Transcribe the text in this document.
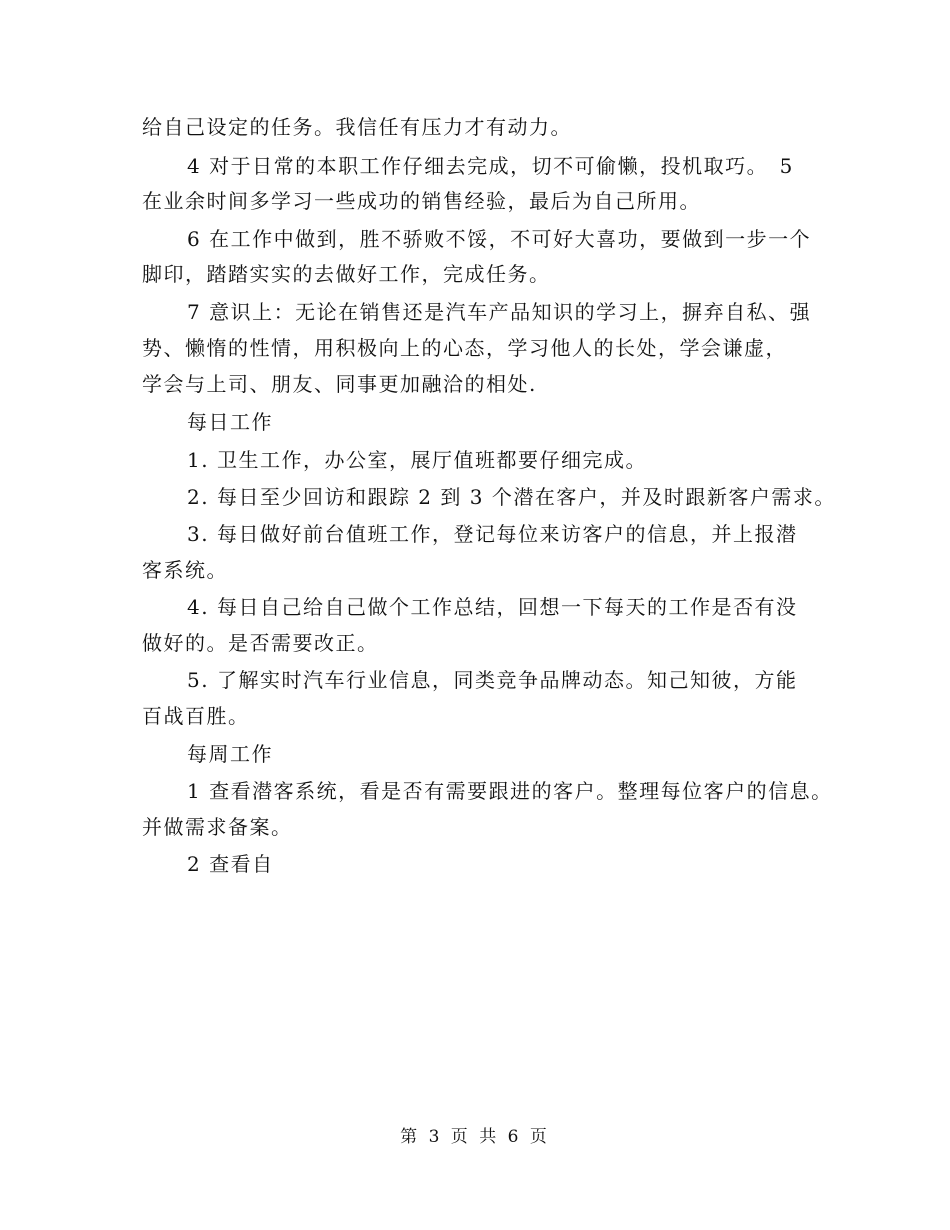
给自己设定的任务。我信任有压力才有动力。
4 对于日常的本职工作仔细去完成，切不可偷懒，投机取巧。　5
在业余时间多学习一些成功的销售经验，最后为自己所用。
6 在工作中做到，胜不骄败不馁，不可好大喜功，要做到一步一个
脚印，踏踏实实的去做好工作，完成任务。
7 意识上：无论在销售还是汽车产品知识的学习上，摒弃自私、强
势、懒惰的性情，用积极向上的心态，学习他人的长处，学会谦虚，
学会与上司、朋友、同事更加融洽的相处.
每日工作
1. 卫生工作，办公室，展厅值班都要仔细完成。
2. 每日至少回访和跟踪 2 到 3 个潜在客户，并及时跟新客户需求。
3. 每日做好前台值班工作，登记每位来访客户的信息，并上报潜
客系统。
4. 每日自己给自己做个工作总结，回想一下每天的工作是否有没
做好的。是否需要改正。
5. 了解实时汽车行业信息，同类竞争品牌动态。知己知彼，方能
百战百胜。
每周工作
1 查看潜客系统，看是否有需要跟进的客户。整理每位客户的信息。
并做需求备案。
2 查看自
第 3 页 共 6 页
